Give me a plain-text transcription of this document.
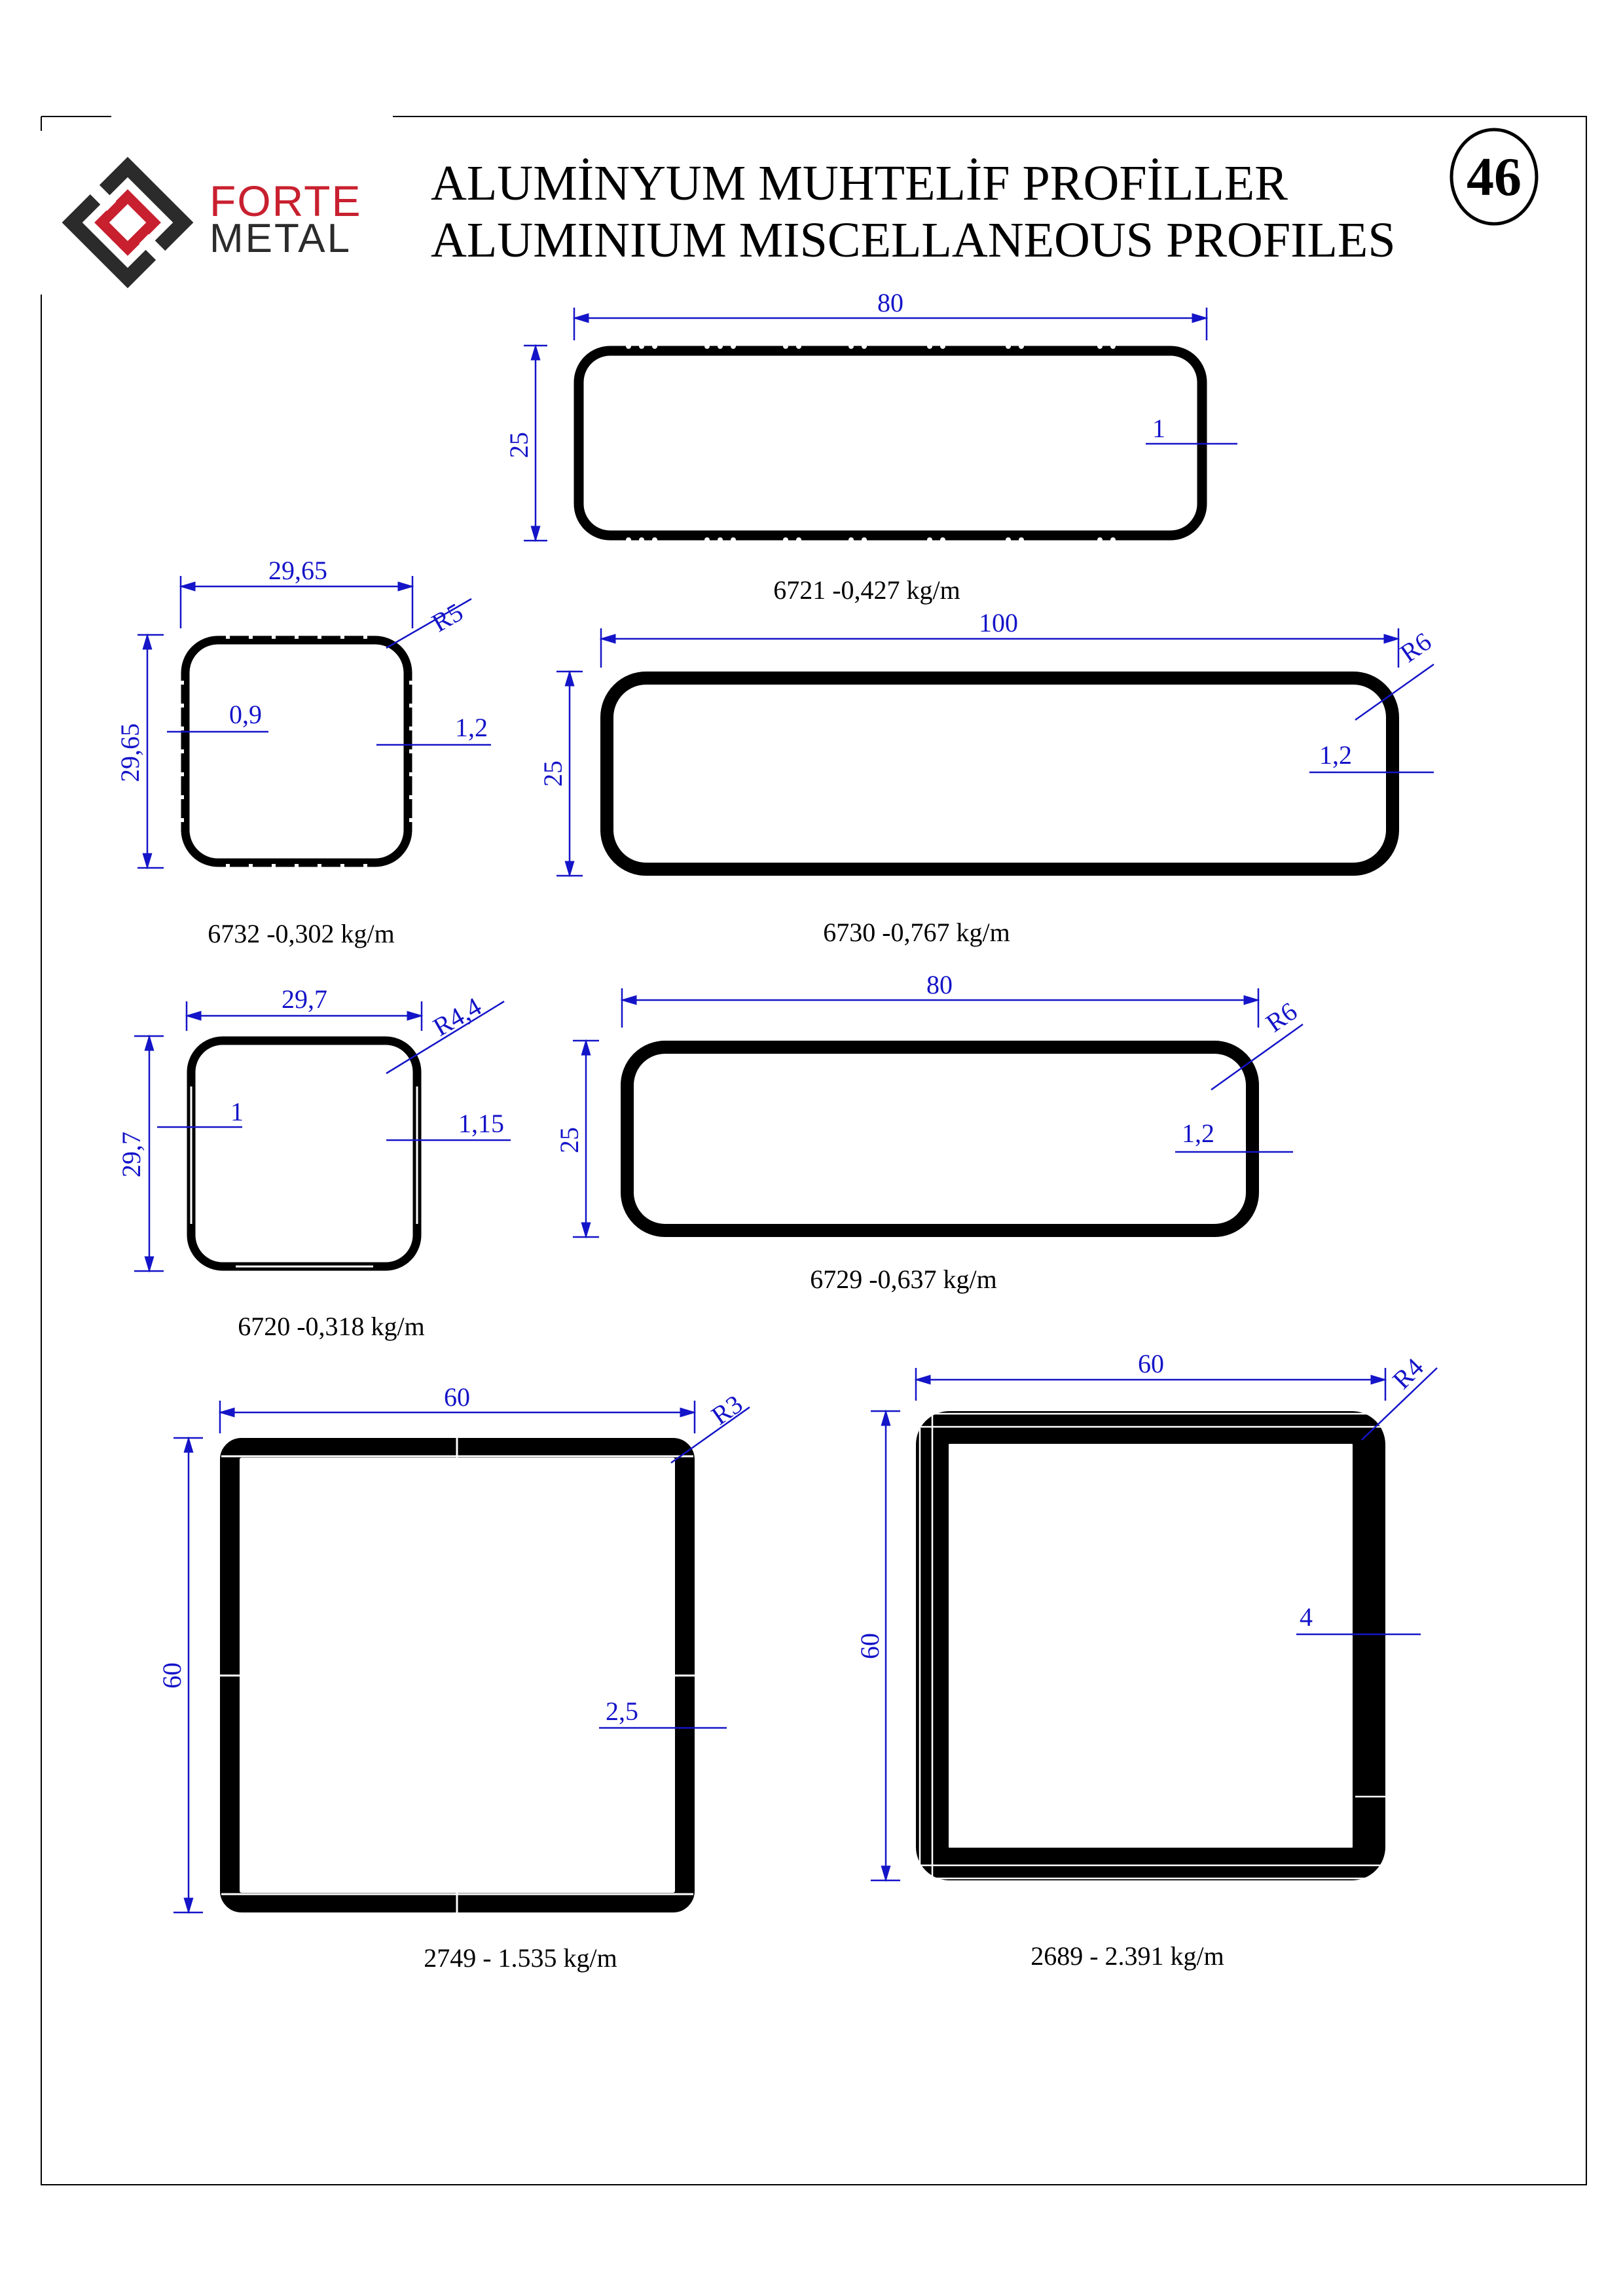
FORTE
METAL
ALUMİNYUM MUHTELİF PROFİLLER
ALUMINIUM MISCELLANEOUS PROFILES
46
80
25
1
6721 -0,427 kg/m
29,65
29,65
R5
0,9	1,2
6732 -0,302 kg/m
100
25
R6
1,2
6730 -0,767 kg/m
29,7
29,7
R4,4
1	1,15
6720 -0,318 kg/m
80
25
R6
1,2
6729 -0,637 kg/m
60
60
R3
2,5
2749 - 1.535 kg/m
60
60
R4
4
2689 - 2.391 kg/m
